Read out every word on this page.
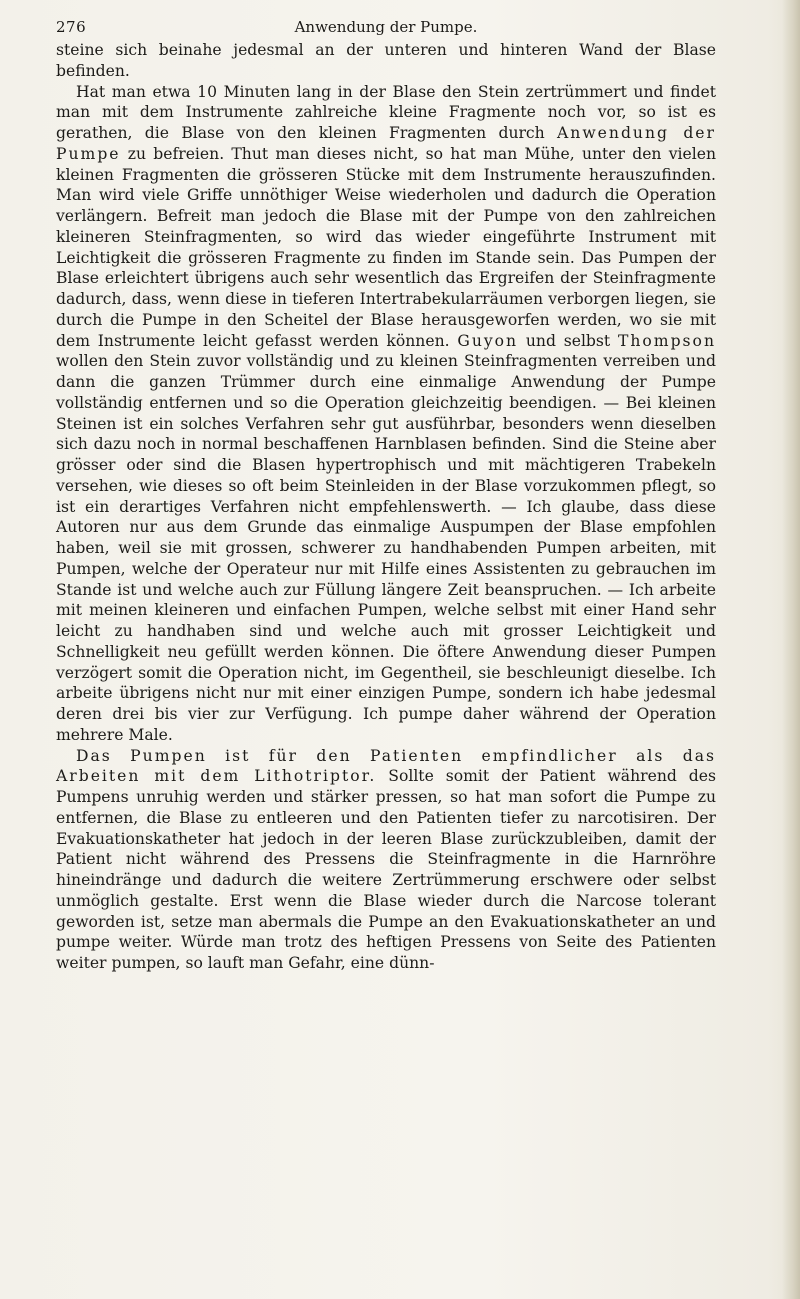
276	Anwendung der Pumpe.

steine sich beinahe jedesmal an der unteren und hinteren Wand der Blase befinden.

Hat man etwa 10 Minuten lang in der Blase den Stein zertrümmert und findet man mit dem Instrumente zahlreiche kleine Fragmente noch vor, so ist es gerathen, die Blase von den kleinen Fragmenten durch Anwendung der Pumpe zu befreien. Thut man dieses nicht, so hat man Mühe, unter den vielen kleinen Fragmenten die grösseren Stücke mit dem Instrumente herauszufinden. Man wird viele Griffe unnöthiger Weise wiederholen und dadurch die Operation verlängern. Befreit man jedoch die Blase mit der Pumpe von den zahlreichen kleineren Steinfragmenten, so wird das wieder eingeführte Instrument mit Leichtigkeit die grösseren Fragmente zu finden im Stande sein. Das Pumpen der Blase erleichtert übrigens auch sehr wesentlich das Ergreifen der Steinfragmente dadurch, dass, wenn diese in tieferen Intertrabekularräumen verborgen liegen, sie durch die Pumpe in den Scheitel der Blase herausgeworfen werden, wo sie mit dem Instrumente leicht gefasst werden können. Guyon und selbst Thompson wollen den Stein zuvor vollständig und zu kleinen Steinfragmenten verreiben und dann die ganzen Trümmer durch eine einmalige Anwendung der Pumpe vollständig entfernen und so die Operation gleichzeitig beendigen. — Bei kleinen Steinen ist ein solches Verfahren sehr gut ausführbar, besonders wenn dieselben sich dazu noch in normal beschaffenen Harnblasen befinden. Sind die Steine aber grösser oder sind die Blasen hypertrophisch und mit mächtigeren Trabekeln versehen, wie dieses so oft beim Steinleiden in der Blase vorzukommen pflegt, so ist ein derartiges Verfahren nicht empfehlenswerth. — Ich glaube, dass diese Autoren nur aus dem Grunde das einmalige Auspumpen der Blase empfohlen haben, weil sie mit grossen, schwerer zu handhabenden Pumpen arbeiten, mit Pumpen, welche der Operateur nur mit Hilfe eines Assistenten zu gebrauchen im Stande ist und welche auch zur Füllung längere Zeit beanspruchen. — Ich arbeite mit meinen kleineren und einfachen Pumpen, welche selbst mit einer Hand sehr leicht zu handhaben sind und welche auch mit grosser Leichtigkeit und Schnelligkeit neu gefüllt werden können. Die öftere Anwendung dieser Pumpen verzögert somit die Operation nicht, im Gegentheil, sie beschleunigt dieselbe. Ich arbeite übrigens nicht nur mit einer einzigen Pumpe, sondern ich habe jedesmal deren drei bis vier zur Verfügung. Ich pumpe daher während der Operation mehrere Male.

Das Pumpen ist für den Patienten empfindlicher als das Arbeiten mit dem Lithotriptor. Sollte somit der Patient während des Pumpens unruhig werden und stärker pressen, so hat man sofort die Pumpe zu entfernen, die Blase zu entleeren und den Patienten tiefer zu narcotisiren. Der Evakuationskatheter hat jedoch in der leeren Blase zurückzubleiben, damit der Patient nicht während des Pressens die Steinfragmente in die Harnröhre hineindränge und dadurch die weitere Zertrümmerung erschwere oder selbst unmöglich gestalte. Erst wenn die Blase wieder durch die Narcose tolerant geworden ist, setze man abermals die Pumpe an den Evakuationskatheter an und pumpe weiter. Würde man trotz des heftigen Pressens von Seite des Patienten weiter pumpen, so lauft man Gefahr, eine dünn-
